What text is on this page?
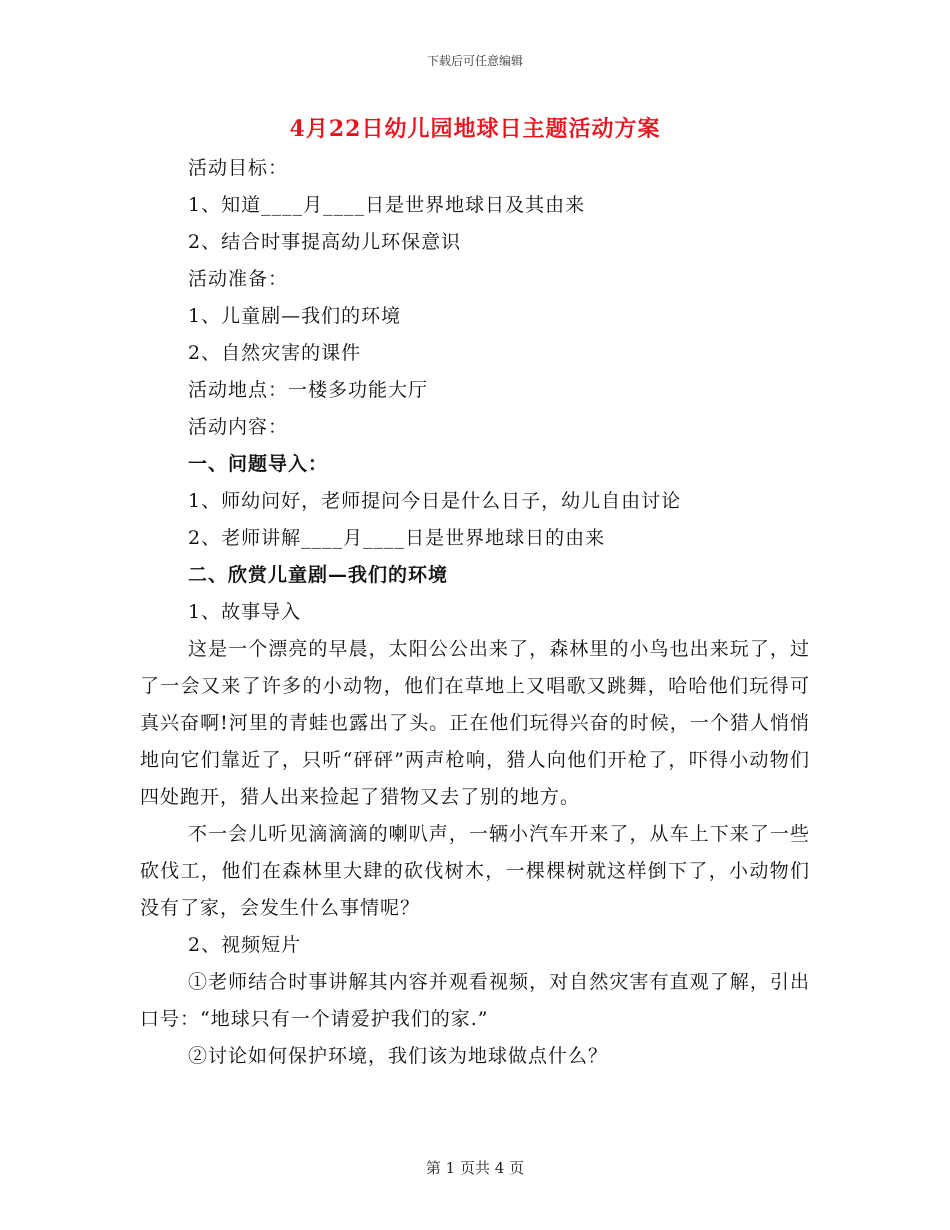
下载后可任意编辑
4月22日幼儿园地球日主题活动方案
活动目标：
1、知道____月____日是世界地球日及其由来
2、结合时事提高幼儿环保意识
活动准备：
1、儿童剧—我们的环境
2、自然灾害的课件
活动地点：一楼多功能大厅
活动内容：
一、问题导入：
1、师幼问好，老师提问今日是什么日子，幼儿自由讨论
2、老师讲解____月____日是世界地球日的由来
二、欣赏儿童剧—我们的环境
1、故事导入

这是一个漂亮的早晨，太阳公公出来了，森林里的小鸟也出来玩了，过了一会又来了许多的小动物，他们在草地上又唱歌又跳舞，哈哈他们玩得可真兴奋啊!河里的青蛙也露出了头。正在他们玩得兴奋的时候，一个猎人悄悄地向它们靠近了，只听“砰砰”两声枪响，猎人向他们开枪了，吓得小动物们四处跑开，猎人出来捡起了猎物又去了别的地方。

不一会儿听见滴滴滴的喇叭声，一辆小汽车开来了，从车上下来了一些砍伐工，他们在森林里大肆的砍伐树木，一棵棵树就这样倒下了，小动物们没有了家，会发生什么事情呢？

2、视频短片

①老师结合时事讲解其内容并观看视频，对自然灾害有直观了解，引出口号：“地球只有一个请爱护我们的家.”

②讨论如何保护环境，我们该为地球做点什么？

第 1 页共 4 页
